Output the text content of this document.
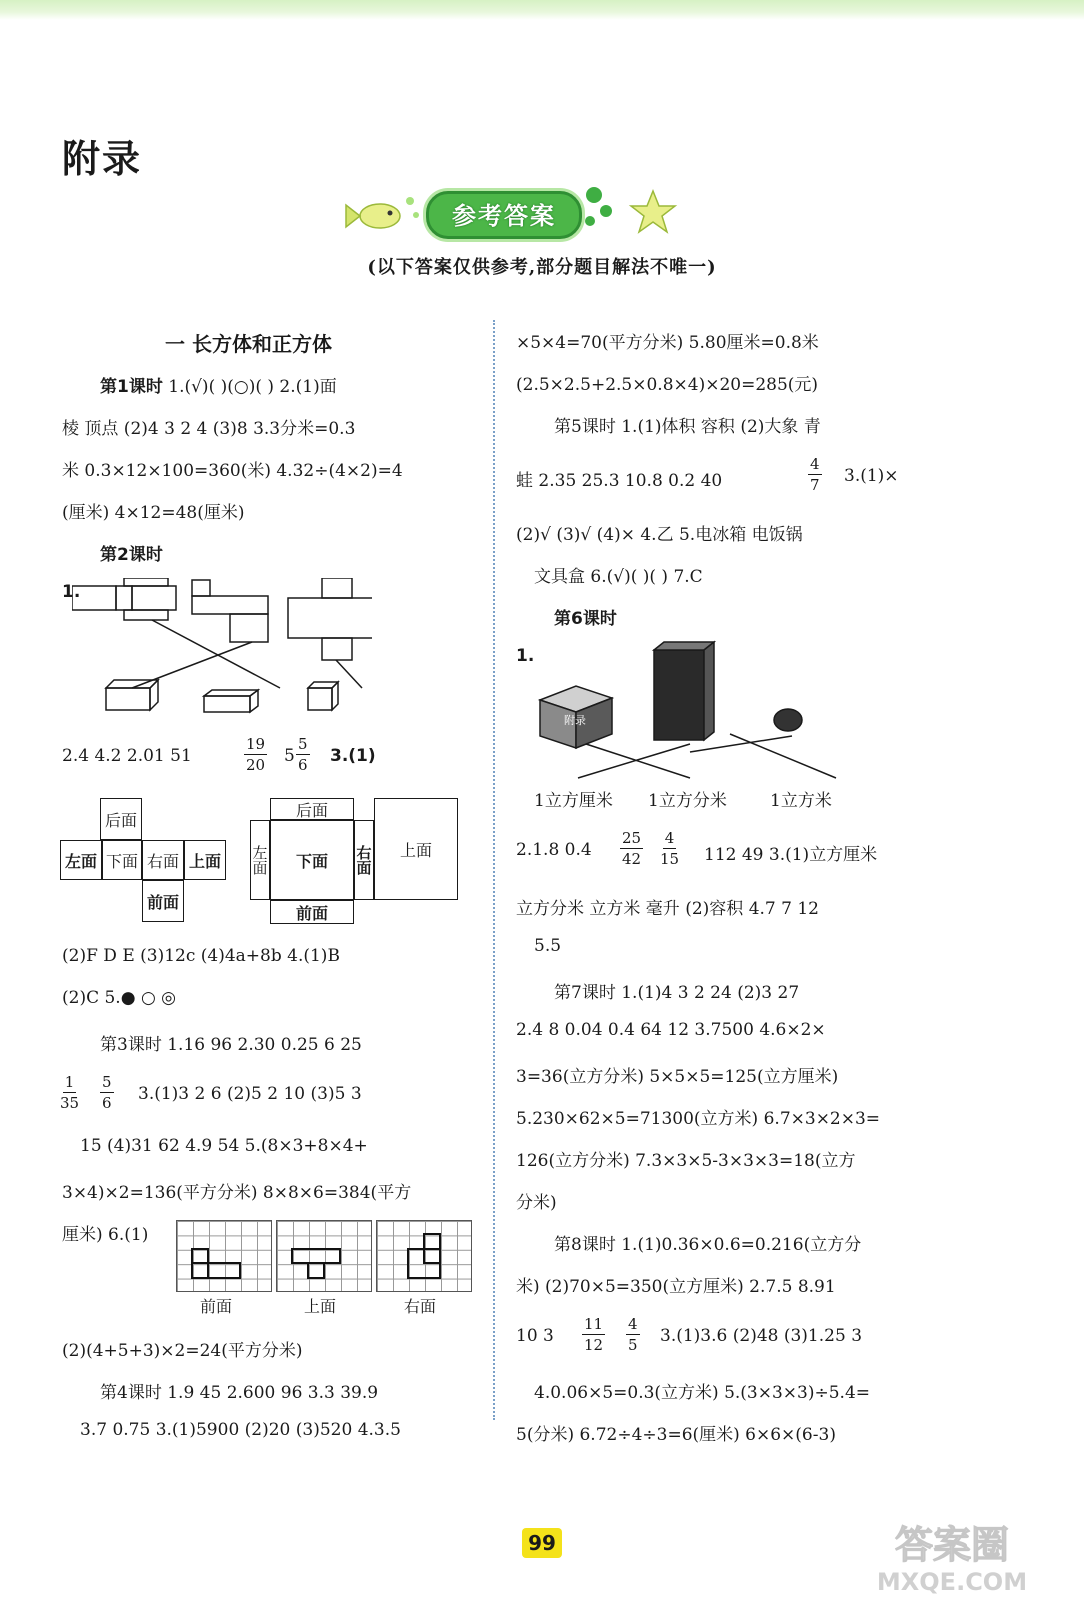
附录
参考答案
(以下答案仅供参考,部分题目解法不唯一)
一 长方体和正方体
第1课时 1.(√)( )(○)( ) 2.(1)面
棱 顶点 (2)4 3 2 4 (3)8 3.3分米=0.3
米 0.3×12×100=360(米) 4.32÷(4×2)=4
(厘米) 4×12=48(厘米)
第2课时
1.
2.4 4.2 2.01 51	$\frac{19}{20} 5 \frac{5}{6} 3.(1)$
后面
左面 下面 右面 上面
前面
后面
左面	下面	右面	上面
前面
(2)F D E (3)12c (4)4a+8b 4.(1)B
(2)C 5.● ○ ◎
第3课时 1.16 96 2.30 0.25 6 25
$\frac{1}{35} \frac{5}{6} 3.(1)3$ 2 6 (2)5 2 10 (3)5 3
15 (4)31 62 4.9 54 5.(8×3+8×4+
3×4)×2=136(平方分米) 8×8×6=384(平方
厘米) 6.(1)
前面	上面	右面
(2)(4+5+3)×2=24(平方分米)
第4课时 1.9 45 2.600 96 3.3 39.9
3.7 0.75 3.(1)5900 (2)20 (3)520 4.3.5
×5×4=70(平方分米) 5.80厘米=0.8米
(2.5×2.5+2.5×0.8×4)×20=285(元)
第5课时 1.(1)体积 容积 (2)大象 青
蛙 2.35 25.3 10.8 0.2 40	$\frac{4}{7} 3.(1)\times$
(2)√ (3)√ (4)× 4.乙 5.电冰箱 电饭锅
文具盒 6.(√)( )( ) 7.C
第6课时
1.
附录
1立方厘米 1立方分米	1立方米
2.1.8 $0.4 \frac{25}{42} \frac{4}{15} 112$ 49 3.(1)立方厘米
立方分米 立方米 毫升 (2)容积 4.7 7 12
5.5
第7课时 1.(1)4 3 2 24 (2)3 27
2.4 8 0.04 0.4 64 12 3.7500 4.6×2×
3=36(立方分米) 5×5×5=125(立方厘米)
5.230×62×5=71300(立方米) 6.7×3×2×3=
126(立方分米) 7.3×3×5-3×3×3=18(立方
分米)
第8课时 1.(1)0.36×0.6=0.216(立方分
米) (2)70×5=350(立方厘米) 2.7.5 8.91
10 $3 \frac{11}{12} \frac{4}{5} 3.(1)3.6$ (2)48 (3)1.25 3
4.0.06×5=0.3(立方米) 5.(3×3×3)÷5.4=
5(分米) 6.72÷4÷3=6(厘米) 6×6×(6-3)
99	答案圈
MXQE.COM
